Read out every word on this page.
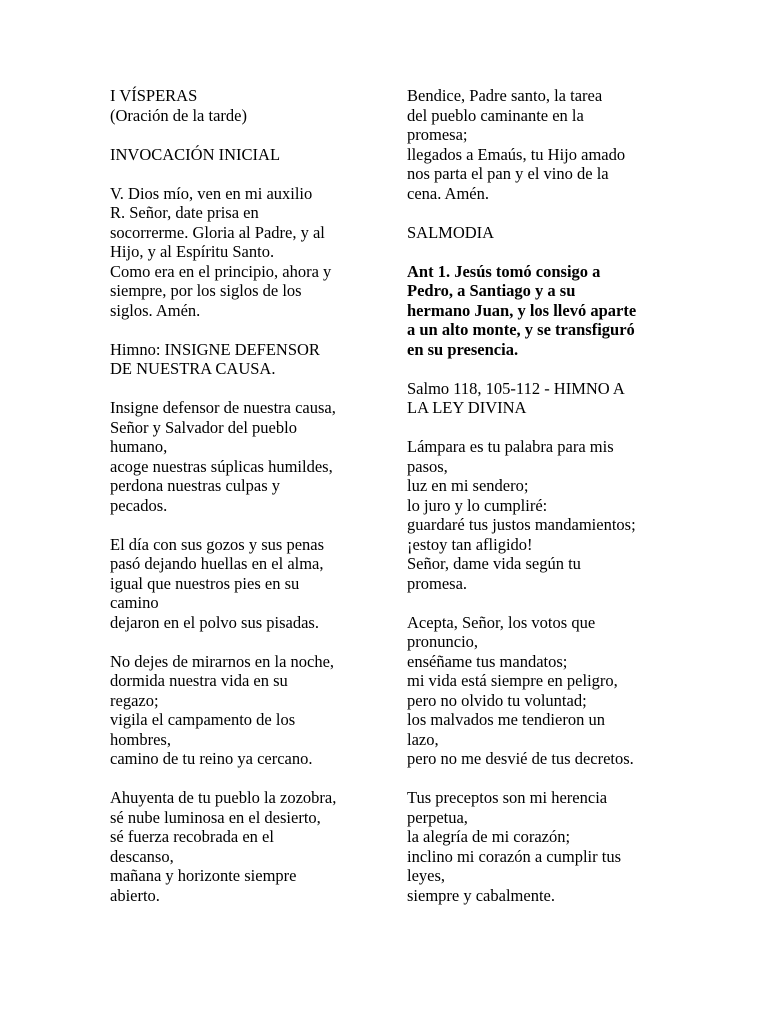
I VÍSPERAS
(Oración de la tarde)
INVOCACIÓN INICIAL
V. Dios mío, ven en mi auxilio
R. Señor, date prisa en
socorrerme. Gloria al Padre, y al
Hijo, y al Espíritu Santo.
Como era en el principio, ahora y
siempre, por los siglos de los
siglos. Amén.
Himno: INSIGNE DEFENSOR
DE NUESTRA CAUSA.
Insigne defensor de nuestra causa,
Señor y Salvador del pueblo
humano,
acoge nuestras súplicas humildes,
perdona nuestras culpas y
pecados.
El día con sus gozos y sus penas
pasó dejando huellas en el alma,
igual que nuestros pies en su
camino
dejaron en el polvo sus pisadas.
No dejes de mirarnos en la noche,
dormida nuestra vida en su
regazo;
vigila el campamento de los
hombres,
camino de tu reino ya cercano.
Ahuyenta de tu pueblo la zozobra,
sé nube luminosa en el desierto,
sé fuerza recobrada en el
descanso,
mañana y horizonte siempre
abierto.
Bendice, Padre santo, la tarea
del pueblo caminante en la
promesa;
llegados a Emaús, tu Hijo amado
nos parta el pan y el vino de la
cena. Amén.
SALMODIA
Ant 1. Jesús tomó consigo a
Pedro, a Santiago y a su
hermano Juan, y los llevó aparte
a un alto monte, y se transfiguró
en su presencia.
Salmo 118, 105-112 - HIMNO A
LA LEY DIVINA
Lámpara es tu palabra para mis
pasos,
luz en mi sendero;
lo juro y lo cumpliré:
guardaré tus justos mandamientos;
¡estoy tan afligido!
Señor, dame vida según tu
promesa.
Acepta, Señor, los votos que
pronuncio,
enséñame tus mandatos;
mi vida está siempre en peligro,
pero no olvido tu voluntad;
los malvados me tendieron un
lazo,
pero no me desvié de tus decretos.
Tus preceptos son mi herencia
perpetua,
la alegría de mi corazón;
inclino mi corazón a cumplir tus
leyes,
siempre y cabalmente.
